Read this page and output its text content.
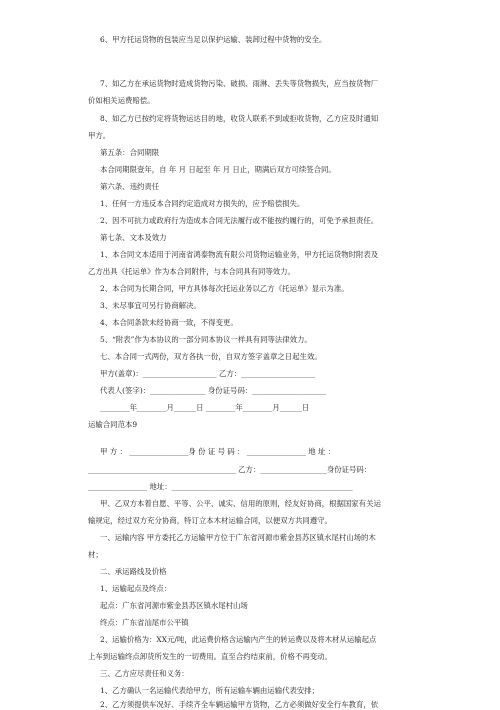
6、甲方托运货物的包装应当足以保护运输、装卸过程中货物的安全。
7、如乙方在承运货物时造成货物污染、破损、雨淋、丢失等货物损失，应当按货物厂
价如相关运费赔偿。
8、如乙方已按约定将货物运达目的地，收货人联系不到或拒收货物，乙方应及时通知
甲方。
第五条：合同期限
本合同期限壹年，自 年 月 日起至 年 月 日止，期满后双方可续签合同。
第六条、违约责任
1、任何一方违反本合同约定造成对方损失的，应予赔偿损失。
2、因不可抗力或政府行为造成本合同无法履行或不能按约履行的，可免予承担责任。
第七条、文本及效力
1、本合同文本适用于河南省鸿泰物流有限公司货物运输业务，甲方托运货物时附表及
乙方出具《托运单》作为本合同附件，与本合同具有同等效力。
2、本合同为长期合同，甲方具体每次托运业务以乙方《托运单》显示为准。
3、未尽事宜可另行协商解决。
4、本合同条款未经协商一致，不得变更。
5、“附表”作为本协议的一部分同本协议一样具有同等法律效力。
七、本合同一式两份，双方各执一份，自双方签字盖章之日起生效。
甲方(盖章)：____________________ 乙方：____________________
代表人(签字)：_______________ 身份证号码：____________________
________年________月______日 ________年________月______日
运输合同范本9
甲 方 ： ________________身 份 证 号 码 ： ________________ 地 址 ：
________________________________________ 乙方：__________________身份证号码：
________________ 地址：_________________________________________________
甲、乙双方本着自愿、平等、公平、诚实、信用的原则，经友好协商，根据国家有关运
输规定，经过双方充分协商，特订立本木材运输合同，以便双方共同遵守。
一、运输内容 甲方委托乙方运输甲方位于广东省河源市紫金县苏区镇水尾村山场的木
材；
二、承运路线及价格
1、运输起点及终点：
起点：广东省河源市紫金县苏区镇水尾村山场
终点：广东省汕尾市公平镇
2、运输价格为：XX元/吨，此运费价格含运输内产生的转运费以及将木材从运输起点
上车到运输终点卸货所发生的一切费用。直至合约结束前，价格不再变动。
三、乙方应尽责任和义务：
1、乙方确认一名运输代表给甲方，所有运输车辆由运输代表安排；
2、乙方须提供车况好、手续齐全车辆运输甲方货物，乙方必须做好安全行车教育，依
